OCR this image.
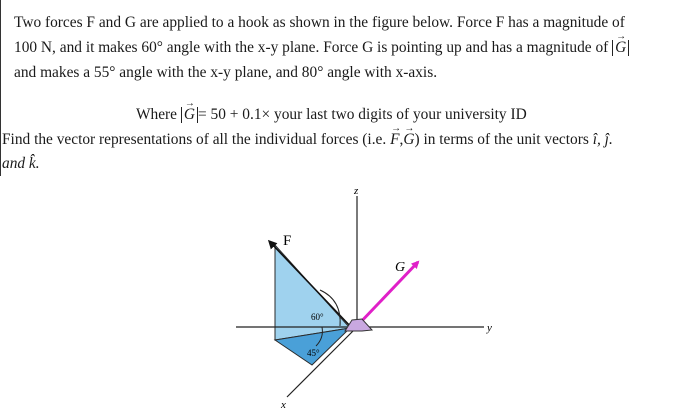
Two forces F and G are applied to a hook as shown in the figure below. Force F has a magnitude of
100 N, and it makes 60° angle with the x-y plane. Force G is pointing up and has a magnitude of G →
and makes a 55° angle with the x-y plane, and 80° angle with x-axis.
Where G → = 50 + 0.1× your last two digits of your university ID
Find the vector representations of all the individual forces (i.e. F →,G →) in terms of the unit vectors î, ĵ.
and k̂.
z
y
x
F
G
60°
45°
